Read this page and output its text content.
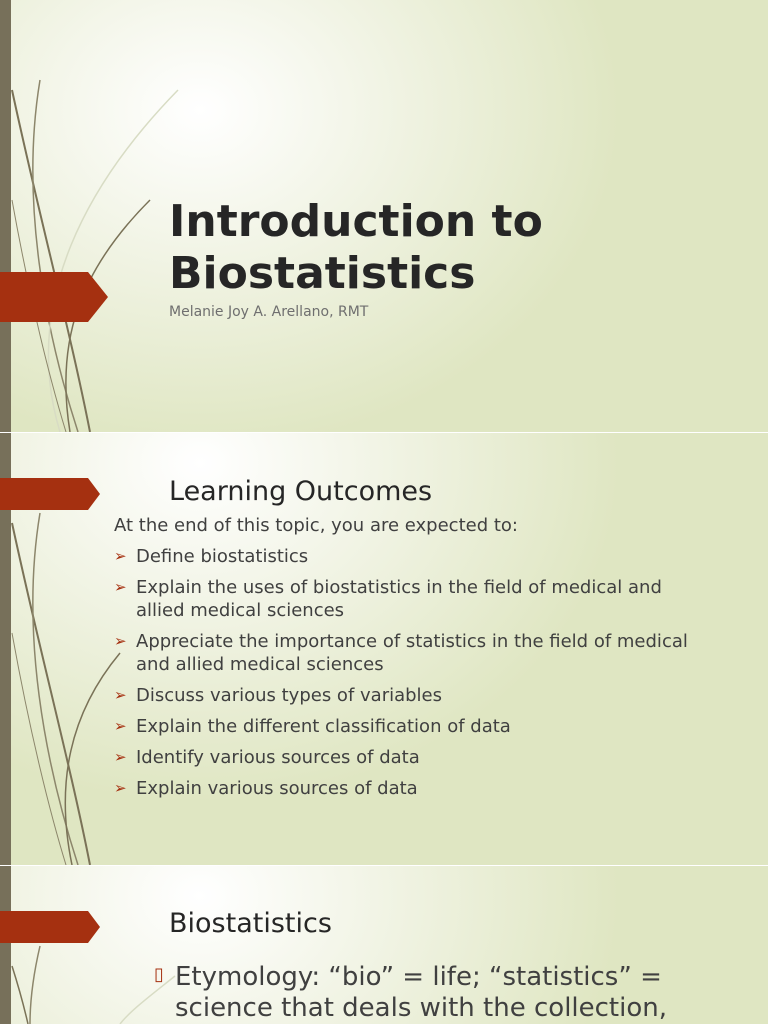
Introduction to Biostatistics

Melanie Joy A. Arellano, RMT

Learning Outcomes

At the end of this topic, you are expected to:

➢ Define biostatistics
➢ Explain the uses of biostatistics in the field of medical and allied medical sciences
➢ Appreciate the importance of statistics in the field of medical and allied medical sciences
➢ Discuss various types of variables
➢ Explain the different classification of data
➢ Identify various sources of data
➢ Explain various sources of data
Biostatistics
▯ Etymology: “bio” = life; “statistics” = science that deals with the collection,
